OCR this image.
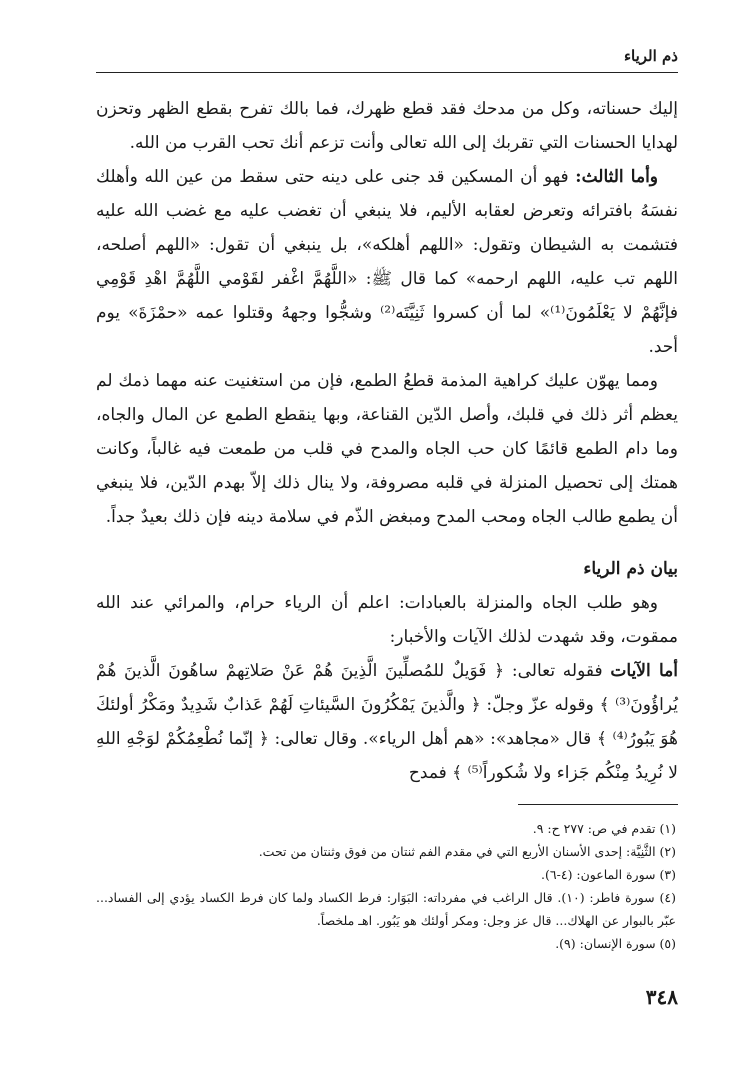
ذم الرياء

إليك حسناته، وكل من مدحك فقد قطع ظهرك، فما بالك تفرح بقطع الظهر وتحزن لهدايا الحسنات التي تقربك إلى الله تعالى وأنت تزعم أنك تحب القرب من الله.

وأما الثالث: فهو أن المسكين قد جنى على دينه حتى سقط من عين الله وأهلك نفسَهُ بافترائه وتعرض لعقابه الأليم، فلا ينبغي أن تغضب عليه مع غضب الله عليه فتشمت به الشيطان وتقول: «اللهم أهلكه»، بل ينبغي أن تقول: «اللهم أصلحه، اللهم تب عليه، اللهم ارحمه» كما قال ﷺ: «اللَّهُمَّ اغْفر لقَوْمي اللَّهُمَّ اهْدِ قَوْمِي فإنَّهُمْ لا يَعْلَمُونَ⁽¹⁾» لما أن كسروا ثَنِيَّتَه⁽²⁾ وشجُّوا وجههُ وقتلوا عمه «حمْزَةَ» يوم أحد.

ومما يهوّن عليك كراهية المذمة قطعُ الطمع، فإن من استغنيت عنه مهما ذمك لم يعظم أثر ذلك في قلبك، وأصل الدّين القناعة، وبها ينقطع الطمع عن المال والجاه، وما دام الطمع قائمًا كان حب الجاه والمدح في قلب من طمعت فيه غالباً، وكانت همتك إلى تحصيل المنزلة في قلبه مصروفة، ولا ينال ذلك إلاّ بهدم الدّين، فلا ينبغي أن يطمع طالب الجاه ومحب المدح ومبغض الذّم في سلامة دينه فإن ذلك بعيدٌ جداً.

بيان ذم الرياء

وهو طلب الجاه والمنزلة بالعبادات: اعلم أن الرياء حرام، والمرائي عند الله ممقوت، وقد شهدت لذلك الآيات والأخبار:

أما الآيات فقوله تعالى: ﴿ فَوَيلٌ للمُصلِّينَ الَّذِينَ هُمْ عَنْ صَلاتِهمْ ساهُونَ الَّذينَ هُمْ يُراؤُونَ⁽³⁾ ﴾ وقوله عزّ وجلّ: ﴿ والَّذينَ يَمْكُرُونَ السَّيئاتِ لَهُمْ عَذابٌ شَدِيدٌ ومَكْرُ أولئكَ هُوَ يَبُورُ⁽⁴⁾ ﴾ قال «مجاهد»: «هم أهل الرياء». وقال تعالى: ﴿ إنّما نُطْعِمُكُمْ لوَجْهِ اللهِ لا نُرِيدُ مِنْكُم جَزاء ولا شُكوراً⁽⁵⁾ ﴾ فمدح

(١) تقدم في ص: ٢٧٧ ح: ٩.
(٢) الثَّنِيَّة: إحدى الأسنان الأربع التي في مقدم الفم ثنتان من فوق وثنتان من تحت.
(٣) سورة الماعون: (٤-٦).
(٤) سورة فاطر: (١٠). قال الراغب في مفرداته: البَوَار: فرط الكساد ولما كان فرط الكساد يؤدي إلى الفساد... عبّر بالبوار عن الهلاك... قال عز وجل: ومكر أولئك هو يَبُور. اهـ ملخصاً.
(٥) سورة الإنسان: (٩).
٣٤٨
